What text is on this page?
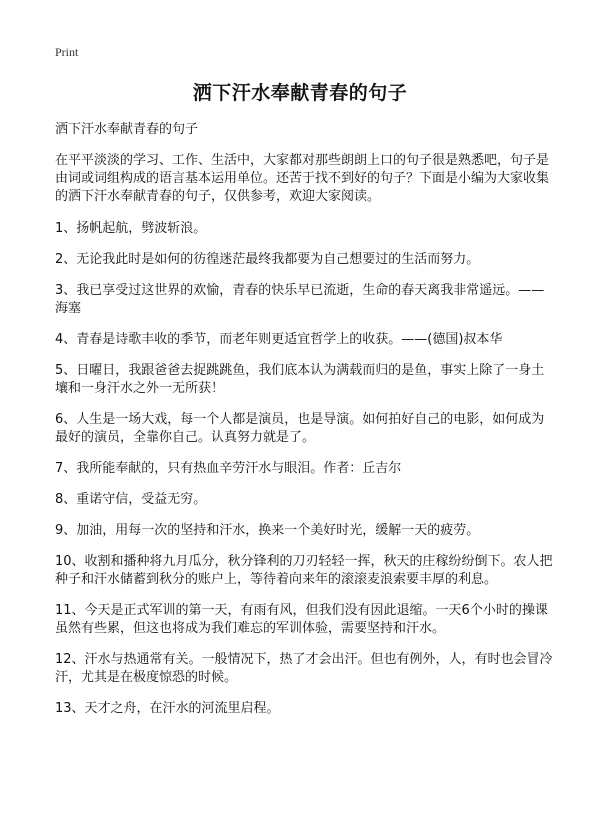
Print
洒下汗水奉献青春的句子

洒下汗水奉献青春的句子

在平平淡淡的学习、工作、生活中，大家都对那些朗朗上口的句子很是熟悉吧，句子是由词或词组构成的语言基本运用单位。还苦于找不到好的句子？下面是小编为大家收集的洒下汗水奉献青春的句子，仅供参考，欢迎大家阅读。

1、扬帆起航，劈波斩浪。

2、无论我此时是如何的彷徨迷茫最终我都要为自己想要过的生活而努力。

3、我已享受过这世界的欢愉，青春的快乐早已流逝，生命的春天离我非常遥远。——海塞

4、青春是诗歌丰收的季节，而老年则更适宜哲学上的收获。——(德国)叔本华

5、日曜日，我跟爸爸去捉跳跳鱼，我们底本认为满载而归的是鱼，事实上除了一身土壤和一身汗水之外一无所获！

6、人生是一场大戏，每一个人都是演员，也是导演。如何拍好自己的电影，如何成为最好的演员，全靠你自己。认真努力就是了。

7、我所能奉献的，只有热血辛劳汗水与眼泪。作者：丘吉尔

8、重诺守信，受益无穷。

9、加油，用每一次的坚持和汗水，换来一个美好时光，缓解一天的疲劳。

10、收割和播种将九月瓜分，秋分锋利的刀刃轻轻一挥，秋天的庄稼纷纷倒下。农人把种子和汗水储蓄到秋分的账户上，等待着向来年的滚滚麦浪索要丰厚的利息。

11、今天是正式军训的第一天，有雨有风，但我们没有因此退缩。一天6个小时的操课虽然有些累，但这也将成为我们难忘的军训体验，需要坚持和汗水。

12、汗水与热通常有关。一般情况下，热了才会出汗。但也有例外，人，有时也会冒冷汗，尤其是在极度惊恐的时候。

13、天才之舟，在汗水的河流里启程。
